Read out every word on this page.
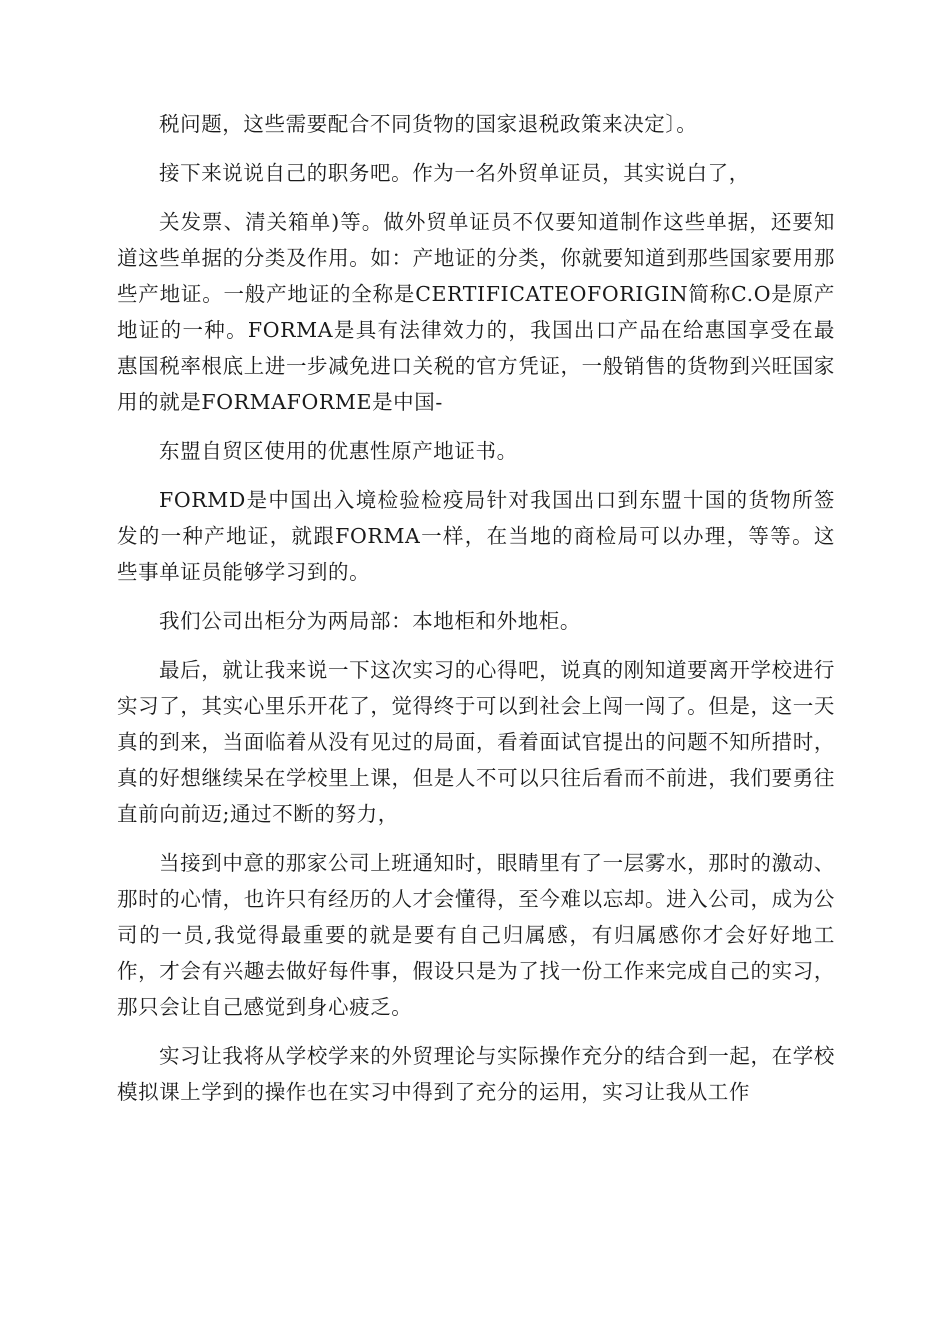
税问题，这些需要配合不同货物的国家退税政策来决定〕。

接下来说说自己的职务吧。作为一名外贸单证员，其实说白了，

关发票、清关箱单)等。做外贸单证员不仅要知道制作这些单据，还要知道这些单据的分类及作用。如：产地证的分类，你就要知道到那些国家要用那些产地证。一般产地证的全称是CERTIFICATEOFORIGIN简称C.O是原产地证的一种。FORMA是具有法律效力的，我国出口产品在给惠国享受在最惠国税率根底上进一步减免进口关税的官方凭证，一般销售的货物到兴旺国家用的就是FORMAFORME是中国-

东盟自贸区使用的优惠性原产地证书。

FORMD是中国出入境检验检疫局针对我国出口到东盟十国的货物所签发的一种产地证，就跟FORMA一样，在当地的商检局可以办理，等等。这些事单证员能够学习到的。

我们公司出柜分为两局部：本地柜和外地柜。

最后，就让我来说一下这次实习的心得吧，说真的刚知道要离开学校进行实习了，其实心里乐开花了，觉得终于可以到社会上闯一闯了。但是，这一天真的到来，当面临着从没有见过的局面，看着面试官提出的问题不知所措时，真的好想继续呆在学校里上课，但是人不可以只往后看而不前进，我们要勇往直前向前迈;通过不断的努力，

当接到中意的那家公司上班通知时，眼睛里有了一层雾水，那时的激动、那时的心情，也许只有经历的人才会懂得，至今难以忘却。进入公司，成为公司的一员,我觉得最重要的就是要有自己归属感，有归属感你才会好好地工作，才会有兴趣去做好每件事，假设只是为了找一份工作来完成自己的实习，那只会让自己感觉到身心疲乏。

实习让我将从学校学来的外贸理论与实际操作充分的结合到一起，在学校模拟课上学到的操作也在实习中得到了充分的运用，实习让我从工作
